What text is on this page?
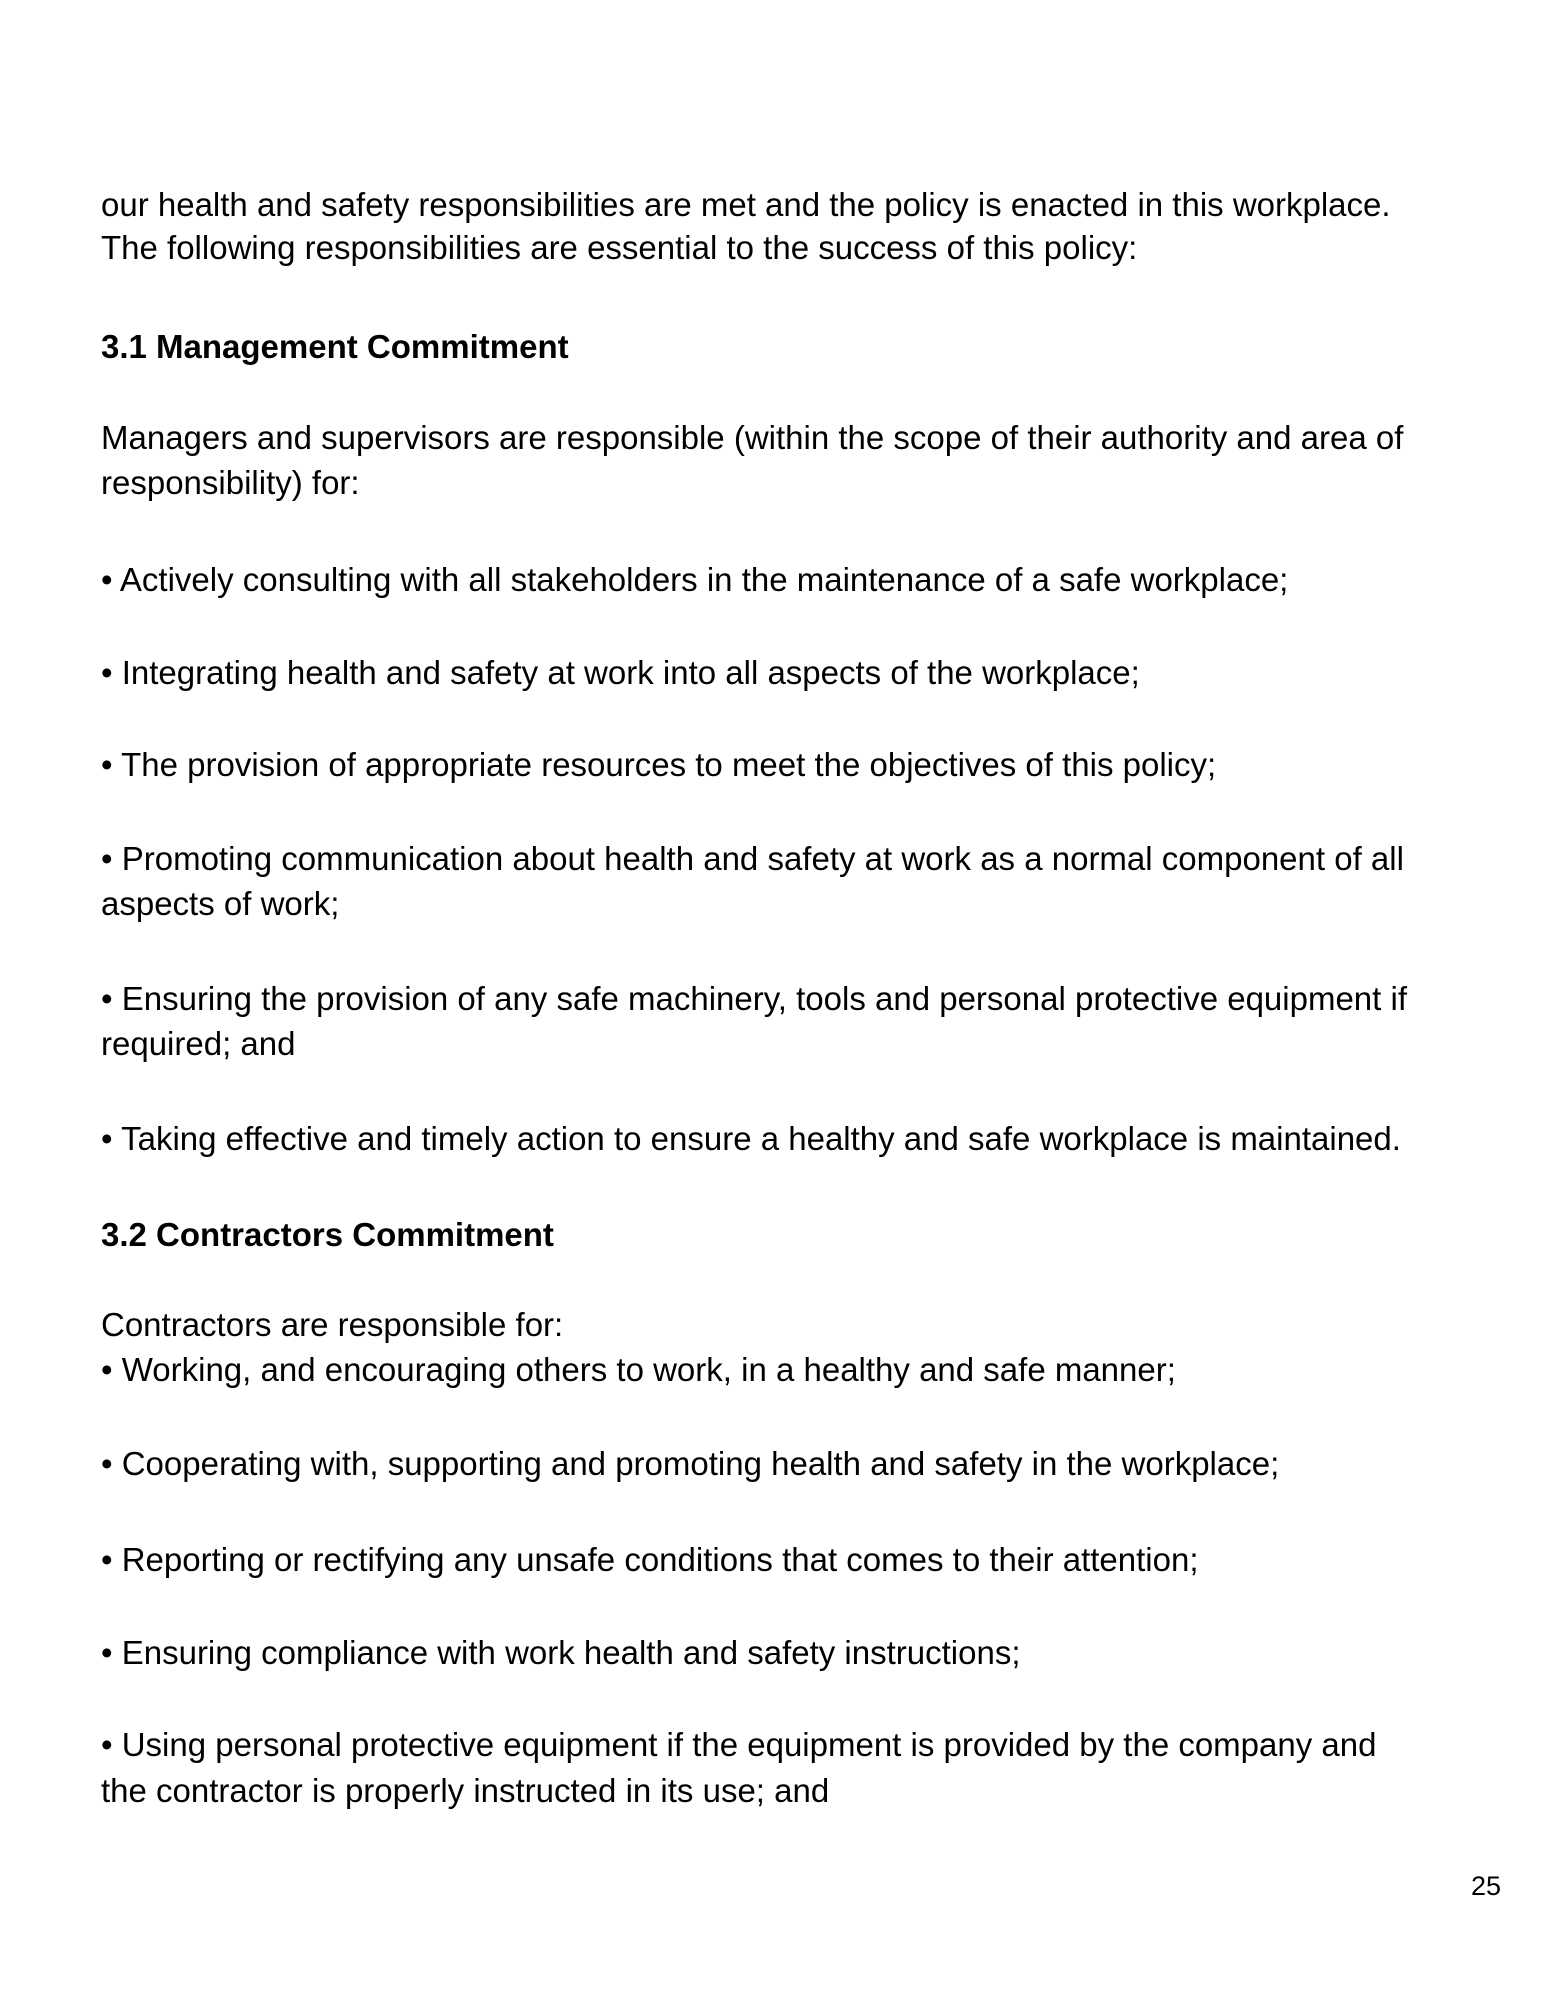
our health and safety responsibilities are met and the policy is enacted in this workplace.
The following responsibilities are essential to the success of this policy:
3.1 Management Commitment
Managers and supervisors are responsible (within the scope of their authority and area of
responsibility) for:
• Actively consulting with all stakeholders in the maintenance of a safe workplace;
• Integrating health and safety at work into all aspects of the workplace;
• The provision of appropriate resources to meet the objectives of this policy;
• Promoting communication about health and safety at work as a normal component of all
aspects of work;
• Ensuring the provision of any safe machinery, tools and personal protective equipment if
required; and
• Taking effective and timely action to ensure a healthy and safe workplace is maintained.
3.2 Contractors Commitment
Contractors are responsible for:
• Working, and encouraging others to work, in a healthy and safe manner;
• Cooperating with, supporting and promoting health and safety in the workplace;
• Reporting or rectifying any unsafe conditions that comes to their attention;
• Ensuring compliance with work health and safety instructions;
• Using personal protective equipment if the equipment is provided by the company and
the contractor is properly instructed in its use; and
25
